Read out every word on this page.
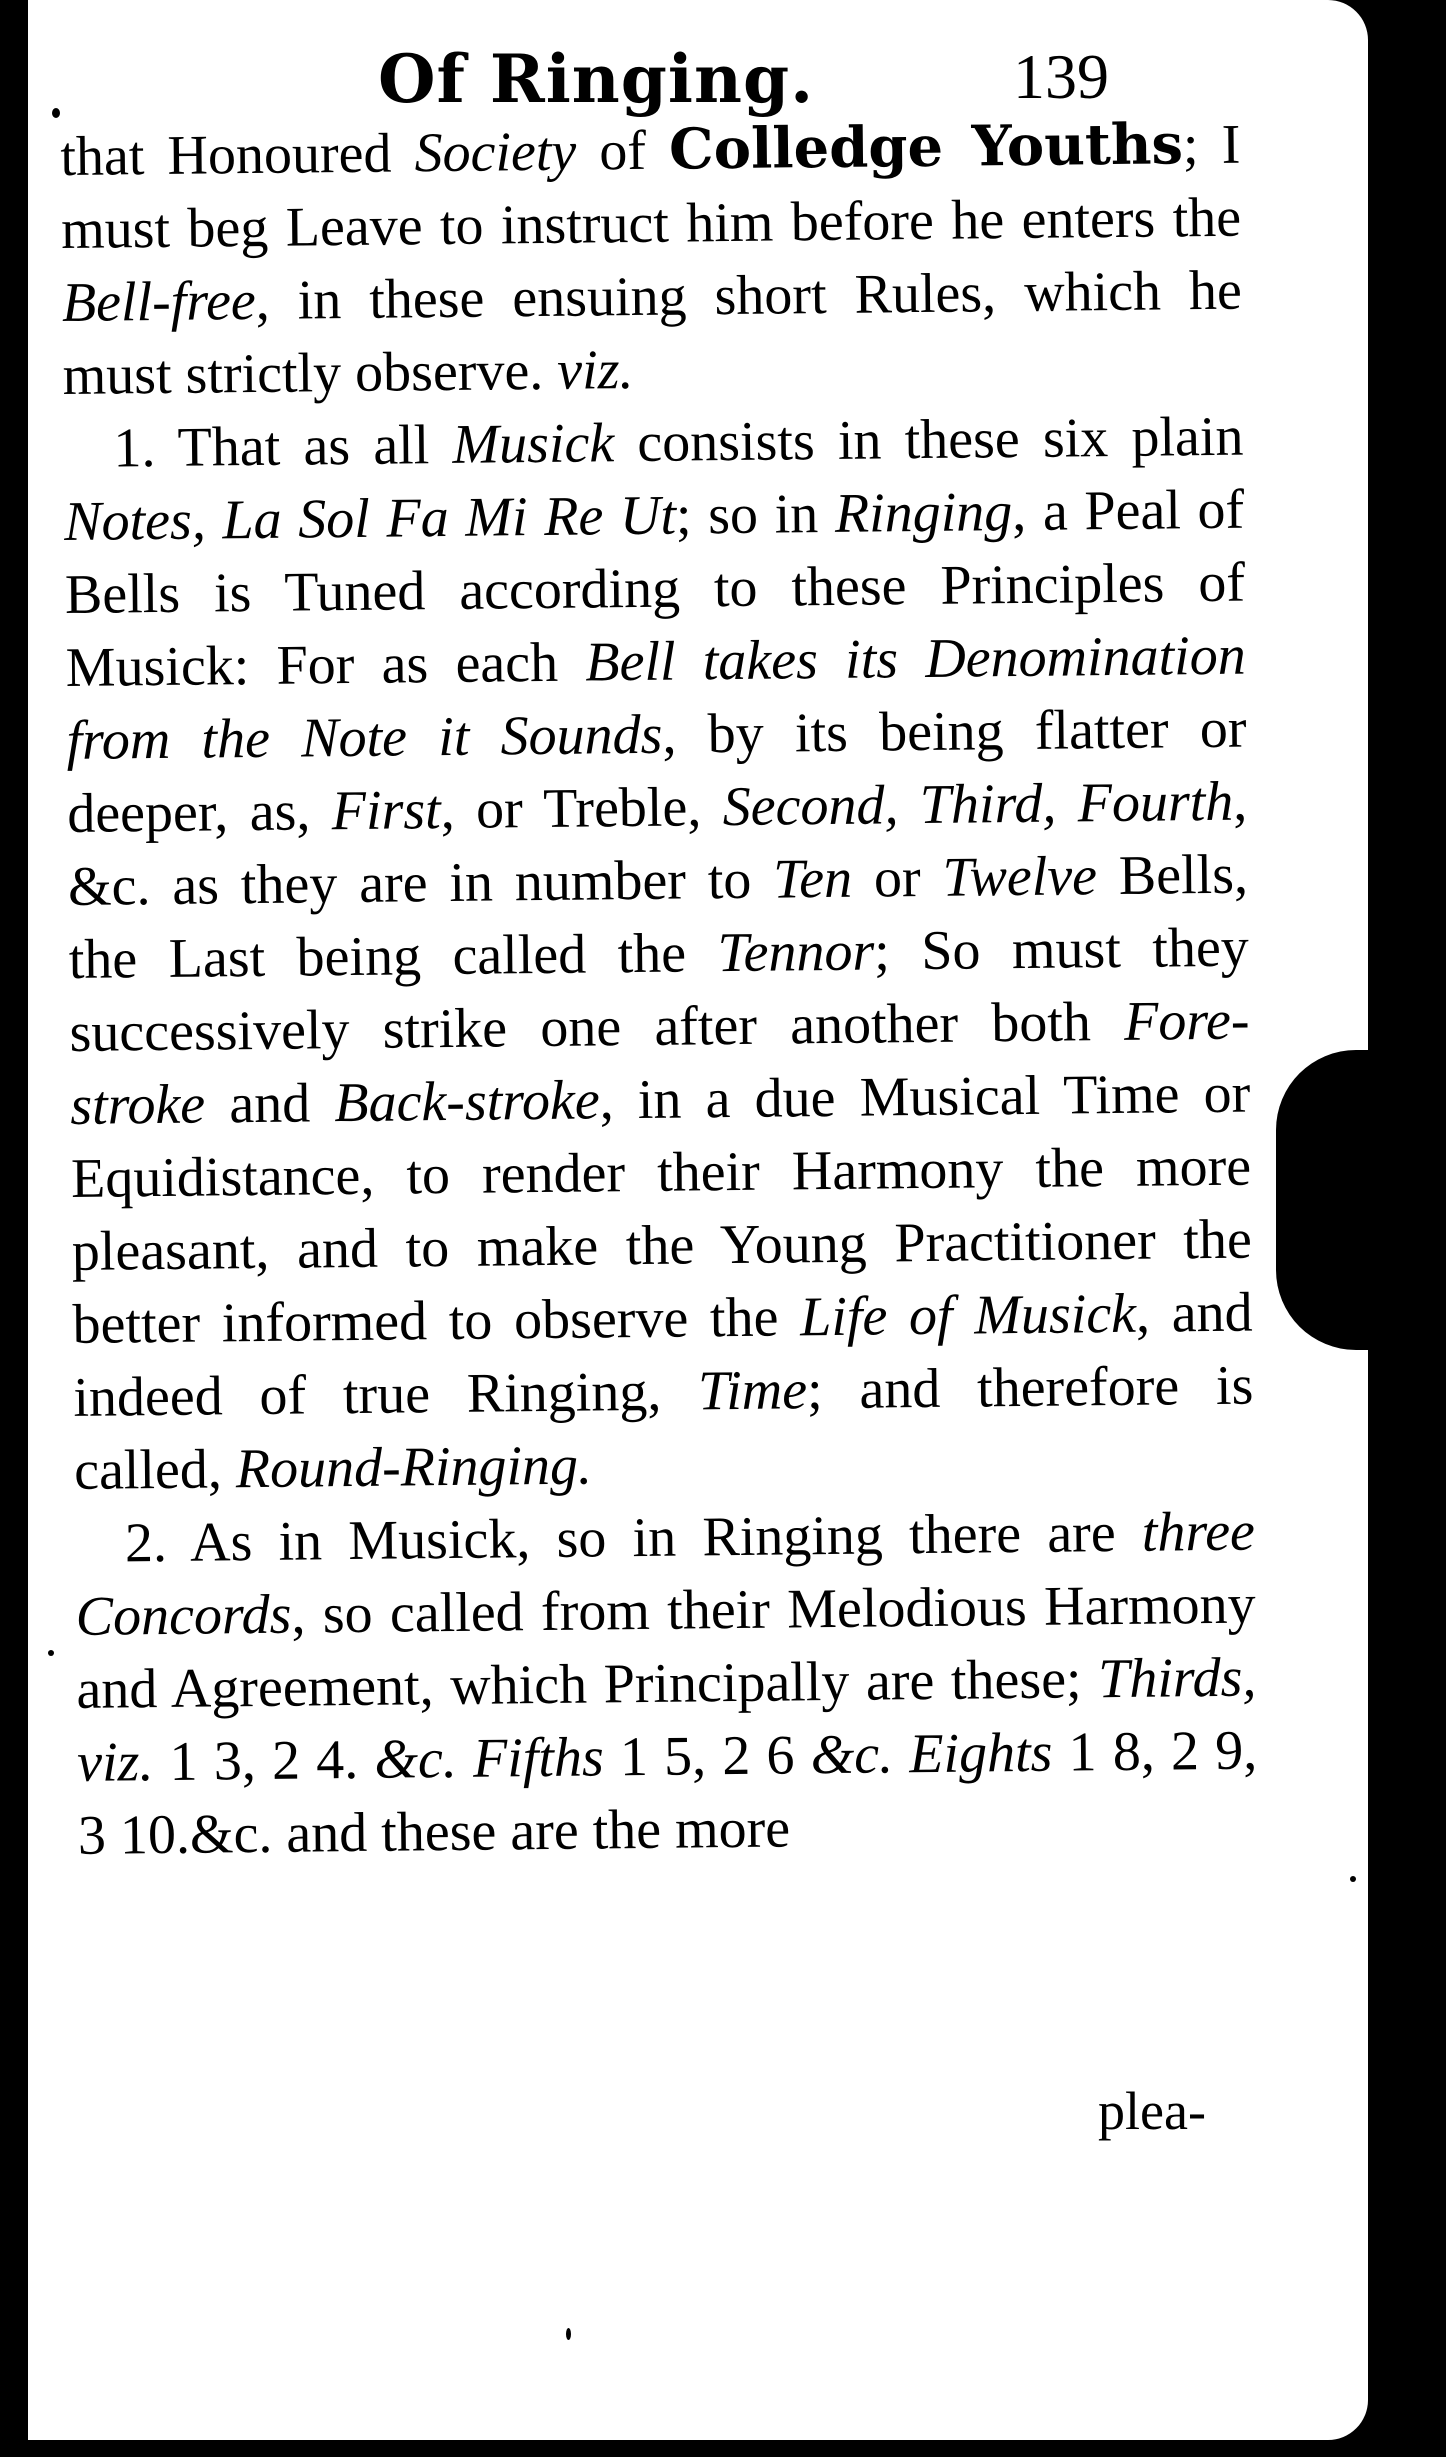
Of Ringing.	139

that Honoured Society of Colledge Youths; I must beg Leave to instruct him before he enters the Bell-free, in these ensuing short Rules, which he must strictly observe. viz.

1. That as all Musick consists in these six plain Notes, La Sol Fa Mi Re Ut; so in Ringing, a Peal of Bells is Tuned according to these Principles of Musick: For as each Bell takes its Denomination from the Note it Sounds, by its being flatter or deeper, as, First, or Treble, Second, Third, Fourth, &c. as they are in number to Ten or Twelve Bells, the Last being called the Tennor; So must they successively strike one after another both Fore-stroke and Back-stroke, in a due Musical Time or Equidistance, to render their Harmony the more pleasant, and to make the Young Practitioner the better informed to observe the Life of Musick, and indeed of true Ringing, Time; and therefore is called, Round-Ringing.

2. As in Musick, so in Ringing there are three Concords, so called from their Melodious Harmony and Agreement, which Principally are these; Thirds, viz. 1 3, 2 4. &c. Fifths 1 5, 2 6 &c. Eights 1 8, 2 9, 3 10.&c. and these are the more

plea-
